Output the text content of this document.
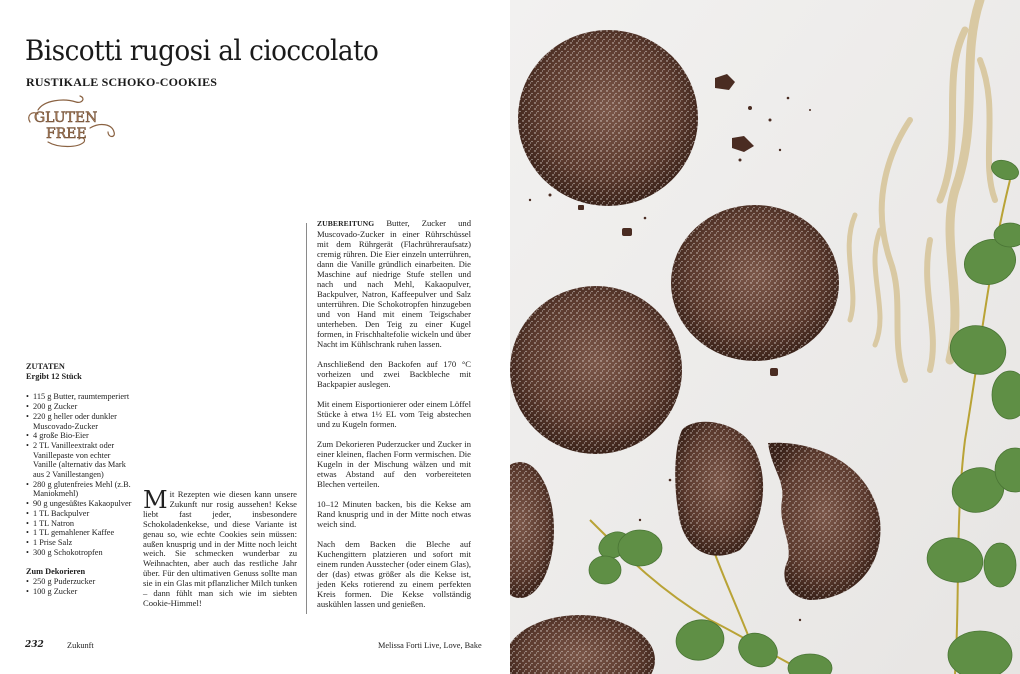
Biscotti rugosi al cioccolato
RUSTIKALE SCHOKO-COOKIES
GLUTEN
FREE
ZUTATEN
Ergibt 12 Stück
• 115 g Butter, raumtemperiert
• 200 g Zucker
• 220 g heller oder dunkler Muscovado-Zucker
• 4 große Bio-Eier
• 2 TL Vanilleextrakt oder Vanillepaste von echter Vanille (alternativ das Mark aus 2 Vanillestangen)
• 280 g glutenfreies Mehl (z.B. Maniokmehl)
• 90 g ungesüßtes Kakaopulver
• 1 TL Backpulver
• 1 TL Natron
• 1 TL gemahlener Kaffee
• 1 Prise Salz
• 300 g Schokotropfen
Zum Dekorieren
• 250 g Puderzucker
• 100 g Zucker
Mit Rezepten wie diesen kann unsere Zukunft nur rosig aussehen! Kekse liebt fast jeder, insbesondere Schokoladenkekse, und diese Variante ist genau so, wie echte Cookies sein müssen: außen knusprig und in der Mitte noch leicht weich. Sie schmecken wunderbar zu Weihnachten, aber auch das restliche Jahr über. Für den ultimativen Genuss sollte man sie in ein Glas mit pflanzlicher Milch tunken – dann fühlt man sich wie im siebten Cookie-Himmel!

ZUBEREITUNG Butter, Zucker und Muscovado-Zucker in einer Rührschüssel mit dem Rührgerät (Flachrühreraufsatz) cremig rühren. Die Eier einzeln unterrühren, dann die Vanille gründlich einarbeiten. Die Maschine auf niedrige Stufe stellen und nach und nach Mehl, Kakaopulver, Backpulver, Natron, Kaffeepulver und Salz unterrühren. Die Schokotropfen hinzugeben und von Hand mit einem Teigschaber unterheben. Den Teig zu einer Kugel formen, in Frischhaltefolie wickeln und über Nacht im Kühlschrank ruhen lassen.

Anschließend den Backofen auf 170 °C vorheizen und zwei Backbleche mit Backpapier auslegen.

Mit einem Eisportionierer oder einem Löffel Stücke à etwa 1½ EL vom Teig abstechen und zu Kugeln formen.

Zum Dekorieren Puderzucker und Zucker in einer kleinen, flachen Form vermischen. Die Kugeln in der Mischung wälzen und mit etwas Abstand auf den vorbereiteten Blechen verteilen.

10–12 Minuten backen, bis die Kekse am Rand knusprig und in der Mitte noch etwas weich sind.

Nach dem Backen die Bleche auf Kuchengittern platzieren und sofort mit einem runden Ausstecher (oder einem Glas), der (das) etwas größer als die Kekse ist, jeden Keks rotierend zu einem perfekten Kreis formen. Die Kekse vollständig auskühlen lassen und genießen.

232	Zukunft	Melissa Forti Live, Love, Bake
